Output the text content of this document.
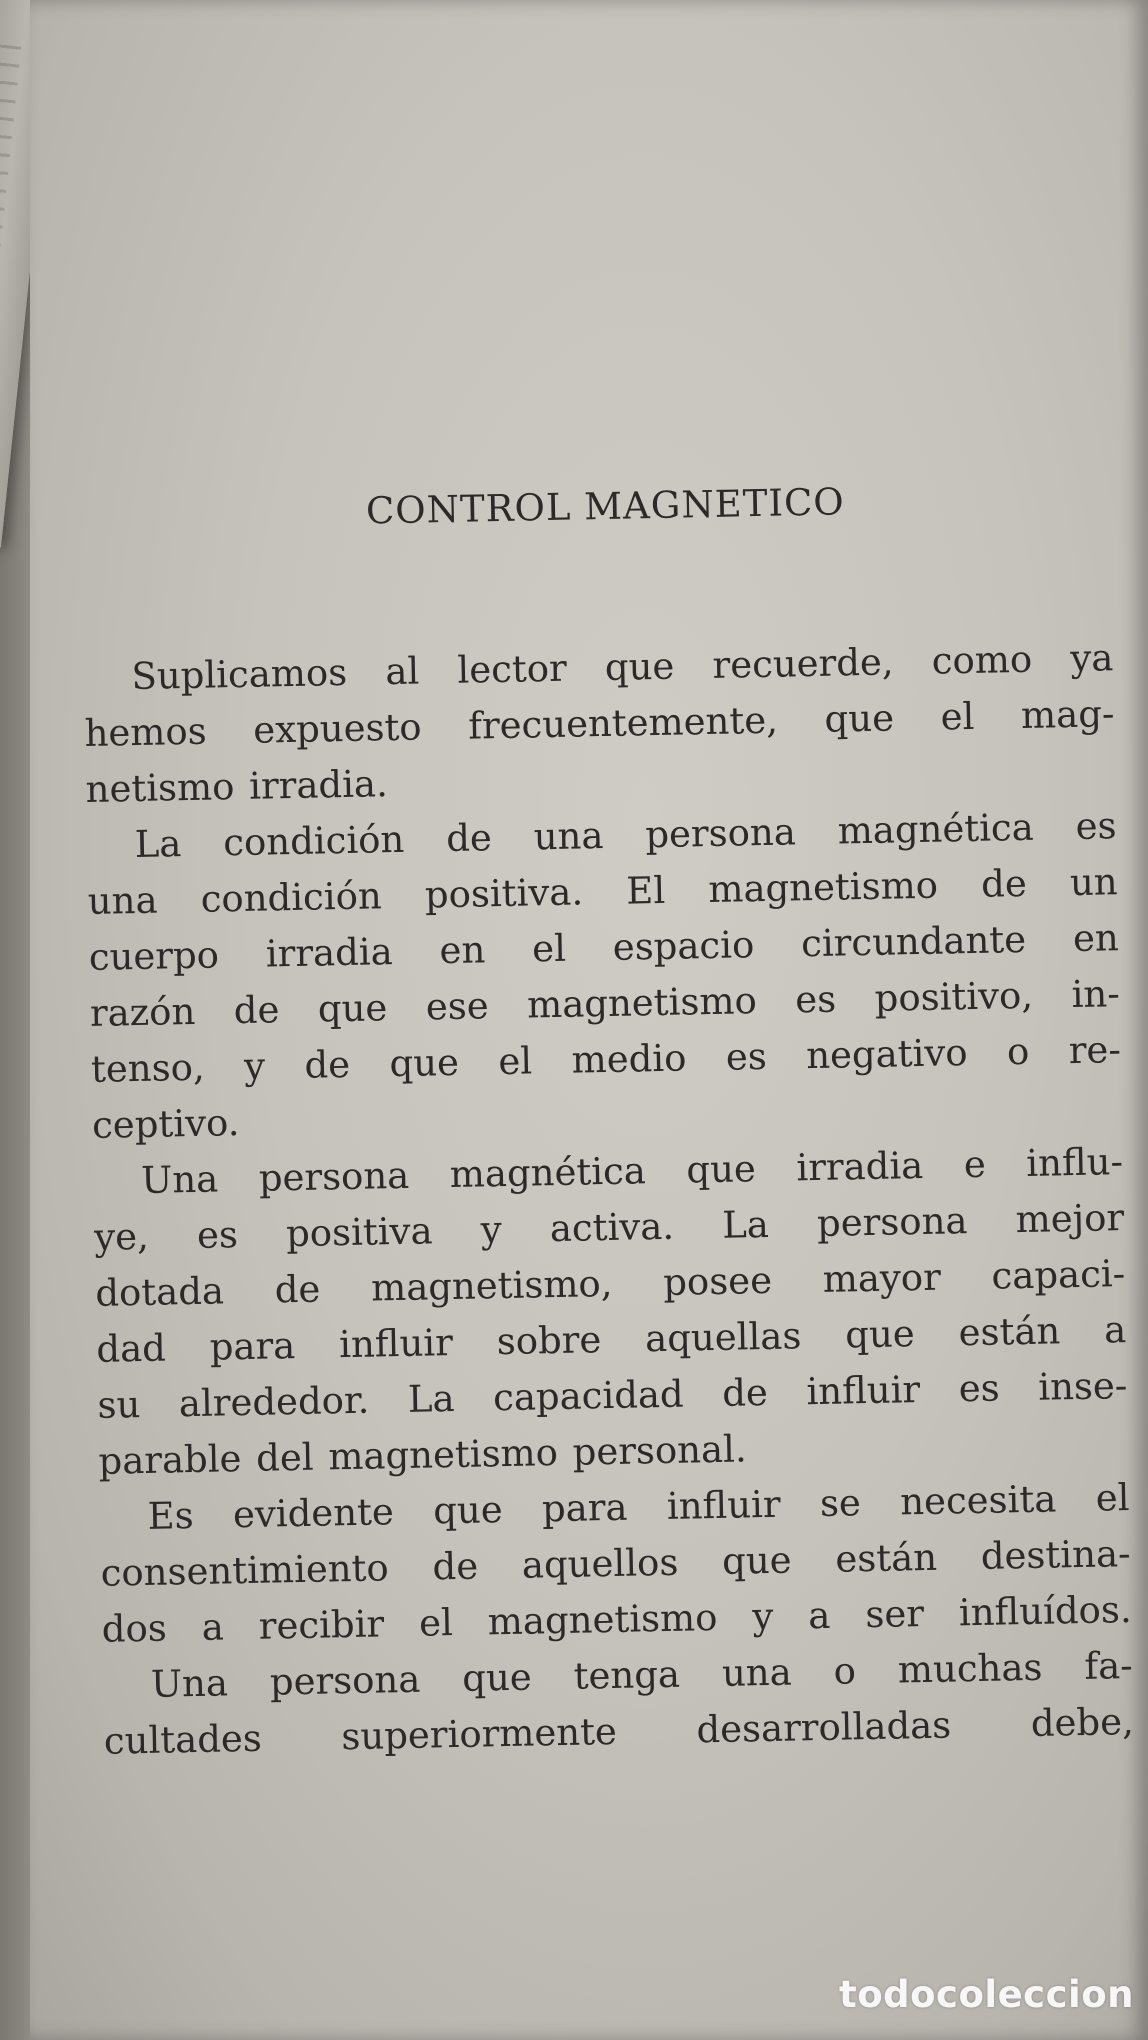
CONTROL MAGNETICO

Suplicamos al lector que recuerde, como ya
hemos expuesto frecuentemente, que el mag-
netismo irradia.

La condición de una persona magnética es
una condición positiva. El magnetismo de un
cuerpo irradia en el espacio circundante en
razón de que ese magnetismo es positivo, in-
tenso, y de que el medio es negativo o re-
ceptivo.

Una persona magnética que irradia e influ-
ye, es positiva y activa. La persona mejor
dotada de magnetismo, posee mayor capaci-
dad para influir sobre aquellas que están a
su alrededor. La capacidad de influir es inse-
parable del magnetismo personal.

Es evidente que para influir se necesita el
consentimiento de aquellos que están destina-
dos a recibir el magnetismo y a ser influídos.

Una persona que tenga una o muchas fa-
cultades superiormente desarrolladas debe,

todocoleccion
